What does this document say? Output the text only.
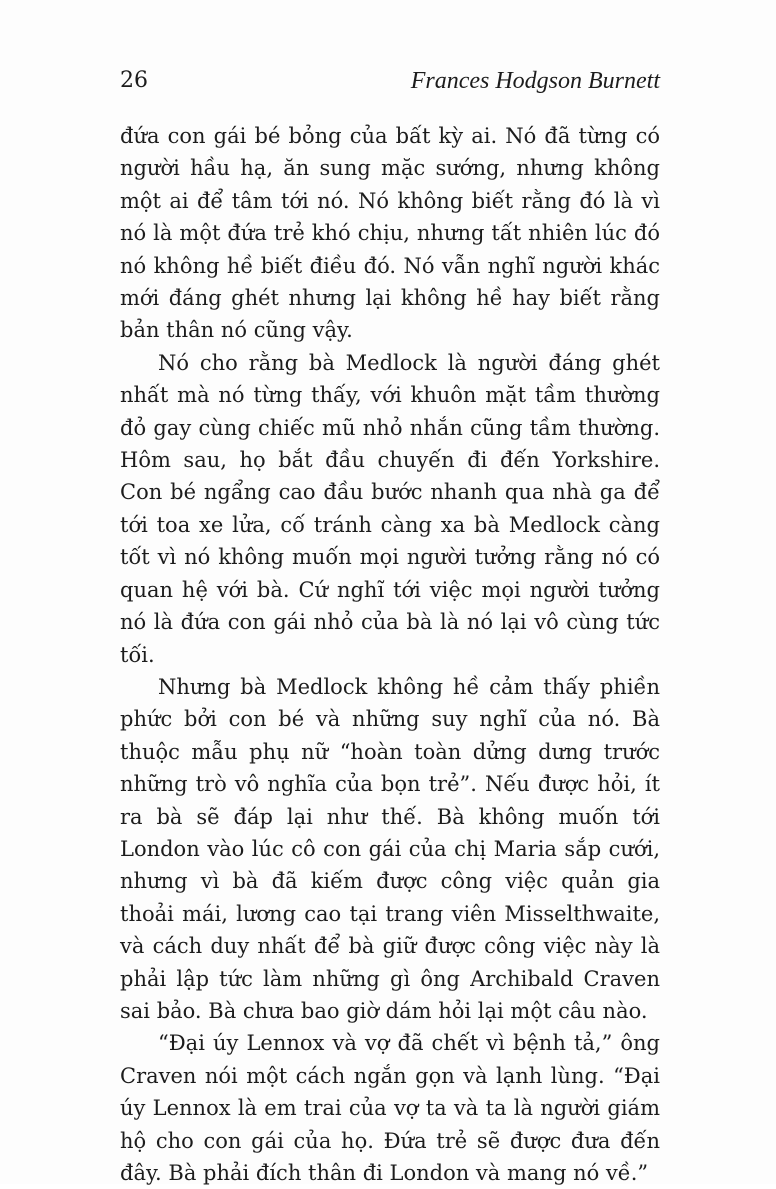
26	Frances Hodgson Burnett

đứa con gái bé bỏng của bất kỳ ai. Nó đã từng có người hầu hạ, ăn sung mặc sướng, nhưng không một ai để tâm tới nó. Nó không biết rằng đó là vì nó là một đứa trẻ khó chịu, nhưng tất nhiên lúc đó nó không hề biết điều đó. Nó vẫn nghĩ người khác mới đáng ghét nhưng lại không hề hay biết rằng bản thân nó cũng vậy.

Nó cho rằng bà Medlock là người đáng ghét nhất mà nó từng thấy, với khuôn mặt tầm thường đỏ gay cùng chiếc mũ nhỏ nhắn cũng tầm thường. Hôm sau, họ bắt đầu chuyến đi đến Yorkshire. Con bé ngẩng cao đầu bước nhanh qua nhà ga để tới toa xe lửa, cố tránh càng xa bà Medlock càng tốt vì nó không muốn mọi người tưởng rằng nó có quan hệ với bà. Cứ nghĩ tới việc mọi người tưởng nó là đứa con gái nhỏ của bà là nó lại vô cùng tức tối.

Nhưng bà Medlock không hề cảm thấy phiền phức bởi con bé và những suy nghĩ của nó. Bà thuộc mẫu phụ nữ “hoàn toàn dửng dưng trước những trò vô nghĩa của bọn trẻ”. Nếu được hỏi, ít ra bà sẽ đáp lại như thế. Bà không muốn tới London vào lúc cô con gái của chị Maria sắp cưới, nhưng vì bà đã kiếm được công việc quản gia thoải mái, lương cao tại trang viên Misselthwaite, và cách duy nhất để bà giữ được công việc này là phải lập tức làm những gì ông Archibald Craven sai bảo. Bà chưa bao giờ dám hỏi lại một câu nào.

“Đại úy Lennox và vợ đã chết vì bệnh tả,” ông Craven nói một cách ngắn gọn và lạnh lùng. “Đại úy Lennox là em trai của vợ ta và ta là người giám hộ cho con gái của họ. Đứa trẻ sẽ được đưa đến đây. Bà phải đích thân đi London và mang nó về.”
